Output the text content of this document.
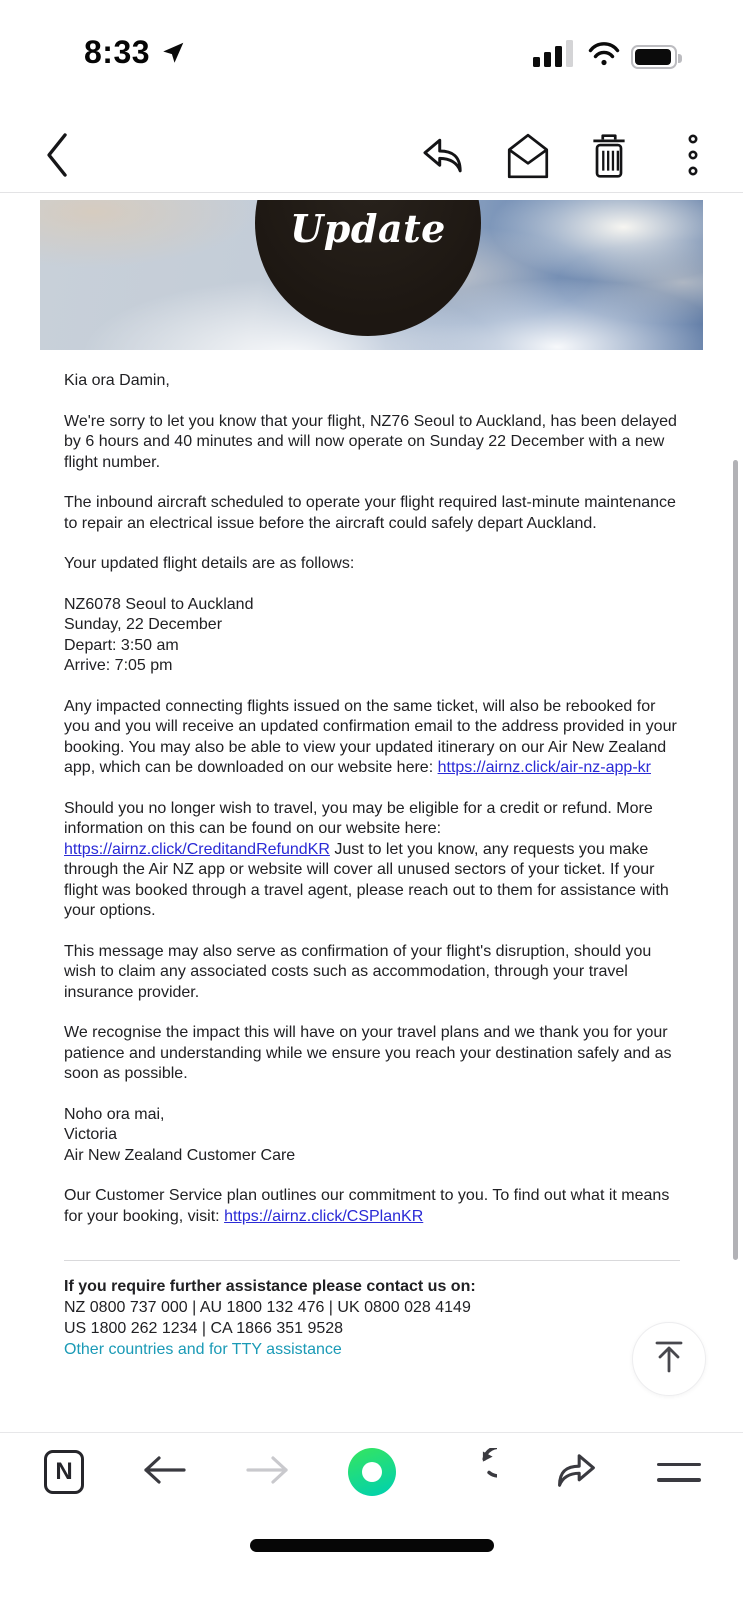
8:33
Update

Kia ora Damin,

We're sorry to let you know that your flight, NZ76 Seoul to Auckland, has been delayed by 6 hours and 40 minutes and will now operate on Sunday 22 December with a new flight number.

The inbound aircraft scheduled to operate your flight required last-minute maintenance to repair an electrical issue before the aircraft could safely depart Auckland.

Your updated flight details are as follows:

NZ6078 Seoul to Auckland
Sunday, 22 December
Depart: 3:50 am
Arrive: 7:05 pm

Any impacted connecting flights issued on the same ticket, will also be rebooked for you and you will receive an updated confirmation email to the address provided in your booking. You may also be able to view your updated itinerary on our Air New Zealand app, which can be downloaded on our website here: https://airnz.click/air-nz-app-kr

Should you no longer wish to travel, you may be eligible for a credit or refund. More information on this can be found on our website here: https://airnz.click/CreditandRefundKR Just to let you know, any requests you make through the Air NZ app or website will cover all unused sectors of your ticket. If your flight was booked through a travel agent, please reach out to them for assistance with your options.

This message may also serve as confirmation of your flight's disruption, should you wish to claim any associated costs such as accommodation, through your travel insurance provider.

We recognise the impact this will have on your travel plans and we thank you for your patience and understanding while we ensure you reach your destination safely and as soon as possible.

Noho ora mai,
Victoria
Air New Zealand Customer Care

Our Customer Service plan outlines our commitment to you. To find out what it means for your booking, visit: https://airnz.click/CSPlanKR

If you require further assistance please contact us on:
NZ 0800 737 000 | AU 1800 132 476 | UK 0800 028 4149
US 1800 262 1234 | CA 1866 351 9528
Other countries and for TTY assistance
N
